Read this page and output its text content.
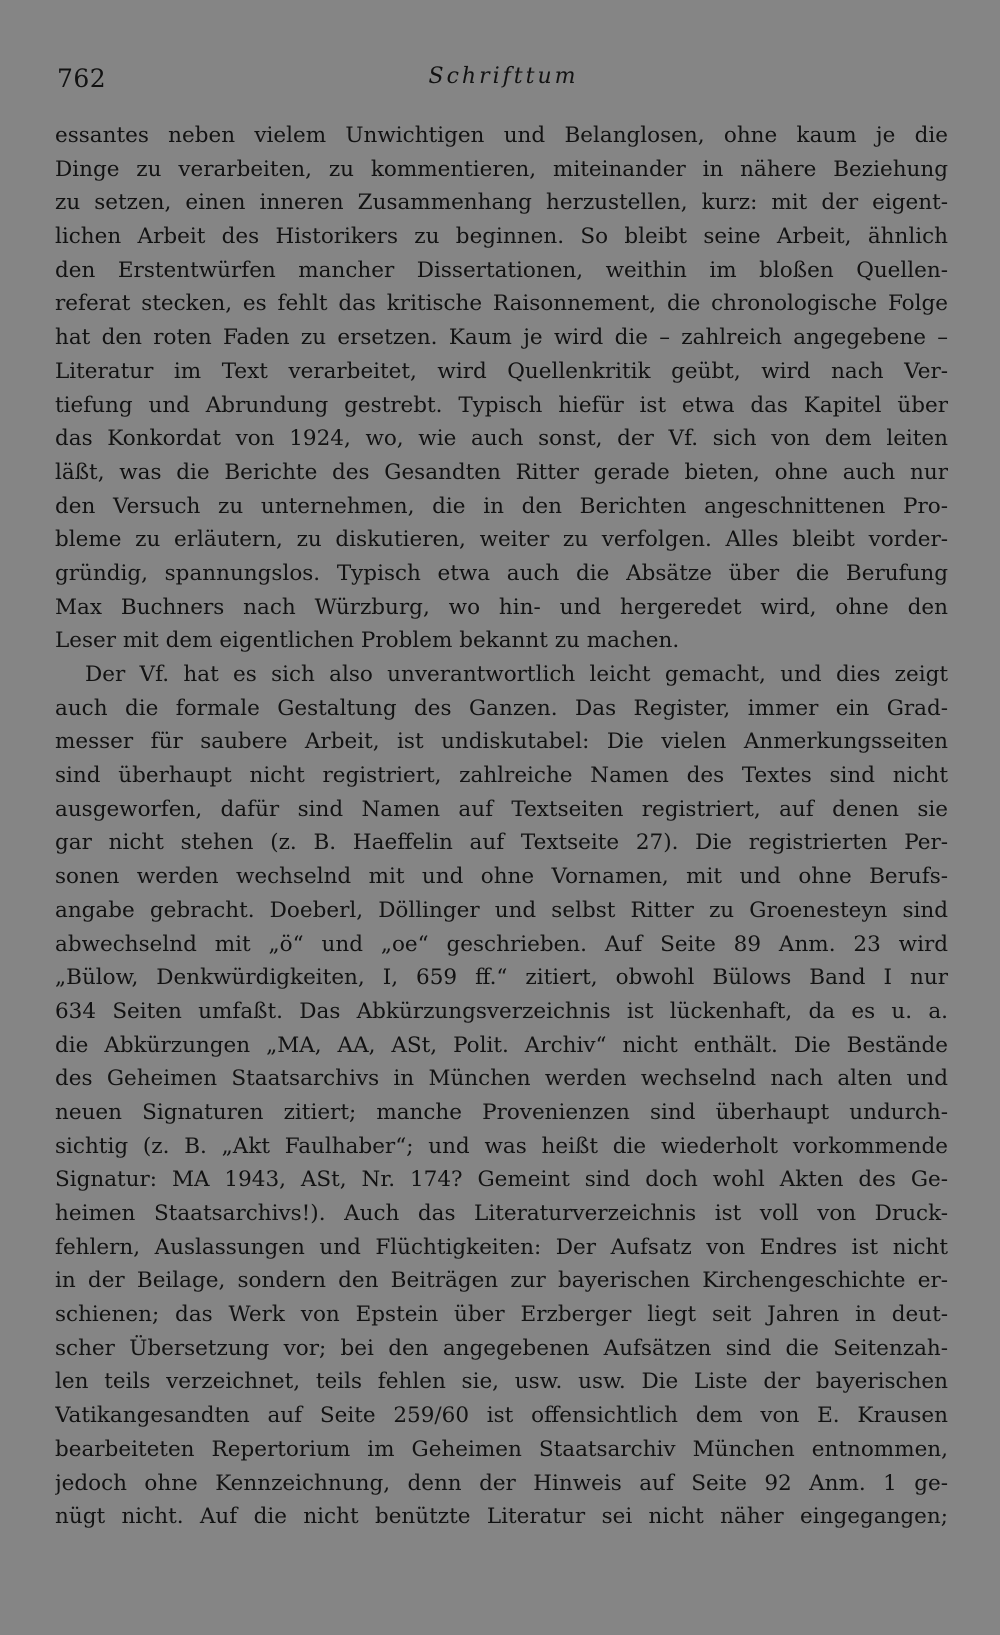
762	Schrifttum
essantes neben vielem Unwichtigen und Belanglosen, ohne kaum je die
Dinge zu verarbeiten, zu kommentieren, miteinander in nähere Beziehung
zu setzen, einen inneren Zusammenhang herzustellen, kurz: mit der eigent-
lichen Arbeit des Historikers zu beginnen. So bleibt seine Arbeit, ähnlich
den Erstentwürfen mancher Dissertationen, weithin im bloßen Quellen-
referat stecken, es fehlt das kritische Raisonnement, die chronologische Folge
hat den roten Faden zu ersetzen. Kaum je wird die – zahlreich angegebene –
Literatur im Text verarbeitet, wird Quellenkritik geübt, wird nach Ver-
tiefung und Abrundung gestrebt. Typisch hiefür ist etwa das Kapitel über
das Konkordat von 1924, wo, wie auch sonst, der Vf. sich von dem leiten
läßt, was die Berichte des Gesandten Ritter gerade bieten, ohne auch nur
den Versuch zu unternehmen, die in den Berichten angeschnittenen Pro-
bleme zu erläutern, zu diskutieren, weiter zu verfolgen. Alles bleibt vorder-
gründig, spannungslos. Typisch etwa auch die Absätze über die Berufung
Max Buchners nach Würzburg, wo hin- und hergeredet wird, ohne den
Leser mit dem eigentlichen Problem bekannt zu machen.
Der Vf. hat es sich also unverantwortlich leicht gemacht, und dies zeigt
auch die formale Gestaltung des Ganzen. Das Register, immer ein Grad-
messer für saubere Arbeit, ist undiskutabel: Die vielen Anmerkungsseiten
sind überhaupt nicht registriert, zahlreiche Namen des Textes sind nicht
ausgeworfen, dafür sind Namen auf Textseiten registriert, auf denen sie
gar nicht stehen (z. B. Haeffelin auf Textseite 27). Die registrierten Per-
sonen werden wechselnd mit und ohne Vornamen, mit und ohne Berufs-
angabe gebracht. Doeberl, Döllinger und selbst Ritter zu Groenesteyn sind
abwechselnd mit „ö“ und „oe“ geschrieben. Auf Seite 89 Anm. 23 wird
„Bülow, Denkwürdigkeiten, I, 659 ff.“ zitiert, obwohl Bülows Band I nur
634 Seiten umfaßt. Das Abkürzungsverzeichnis ist lückenhaft, da es u. a.
die Abkürzungen „MA, AA, ASt, Polit. Archiv“ nicht enthält. Die Bestände
des Geheimen Staatsarchivs in München werden wechselnd nach alten und
neuen Signaturen zitiert; manche Provenienzen sind überhaupt undurch-
sichtig (z. B. „Akt Faulhaber“; und was heißt die wiederholt vorkommende
Signatur: MA 1943, ASt, Nr. 174? Gemeint sind doch wohl Akten des Ge-
heimen Staatsarchivs!). Auch das Literaturverzeichnis ist voll von Druck-
fehlern, Auslassungen und Flüchtigkeiten: Der Aufsatz von Endres ist nicht
in der Beilage, sondern den Beiträgen zur bayerischen Kirchengeschichte er-
schienen; das Werk von Epstein über Erzberger liegt seit Jahren in deut-
scher Übersetzung vor; bei den angegebenen Aufsätzen sind die Seitenzah-
len teils verzeichnet, teils fehlen sie, usw. usw. Die Liste der bayerischen
Vatikangesandten auf Seite 259/60 ist offensichtlich dem von E. Krausen
bearbeiteten Repertorium im Geheimen Staatsarchiv München entnommen,
jedoch ohne Kennzeichnung, denn der Hinweis auf Seite 92 Anm. 1 ge-
nügt nicht. Auf die nicht benützte Literatur sei nicht näher eingegangen;
